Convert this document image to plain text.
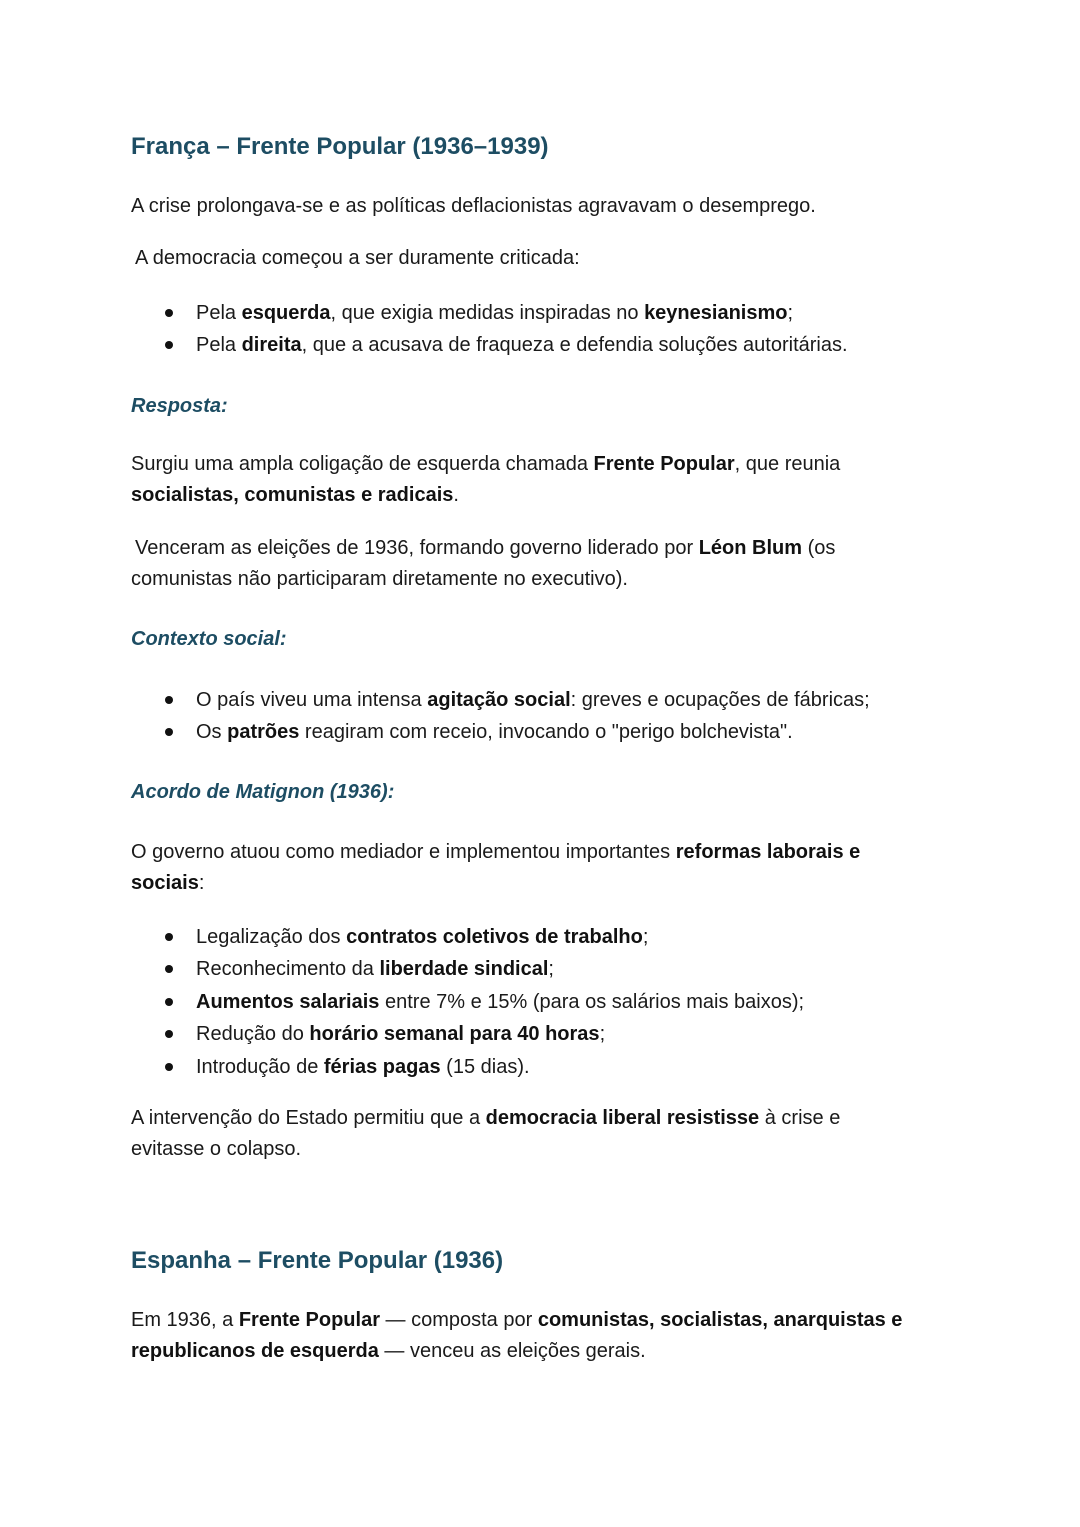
França – Frente Popular (1936–1939)
A crise prolongava-se e as políticas deflacionistas agravavam o desemprego.
A democracia começou a ser duramente criticada:
Pela esquerda, que exigia medidas inspiradas no keynesianismo;
Pela direita, que a acusava de fraqueza e defendia soluções autoritárias.
Resposta:
Surgiu uma ampla coligação de esquerda chamada Frente Popular, que reunia socialistas, comunistas e radicais.
Venceram as eleições de 1936, formando governo liderado por Léon Blum (os comunistas não participaram diretamente no executivo).
Contexto social:
O país viveu uma intensa agitação social: greves e ocupações de fábricas;
Os patrões reagiram com receio, invocando o "perigo bolchevista".
Acordo de Matignon (1936):
O governo atuou como mediador e implementou importantes reformas laborais e sociais:
Legalização dos contratos coletivos de trabalho;
Reconhecimento da liberdade sindical;
Aumentos salariais entre 7% e 15% (para os salários mais baixos);
Redução do horário semanal para 40 horas;
Introdução de férias pagas (15 dias).
A intervenção do Estado permitiu que a democracia liberal resistisse à crise e evitasse o colapso.
Espanha – Frente Popular (1936)
Em 1936, a Frente Popular — composta por comunistas, socialistas, anarquistas e republicanos de esquerda — venceu as eleições gerais.
